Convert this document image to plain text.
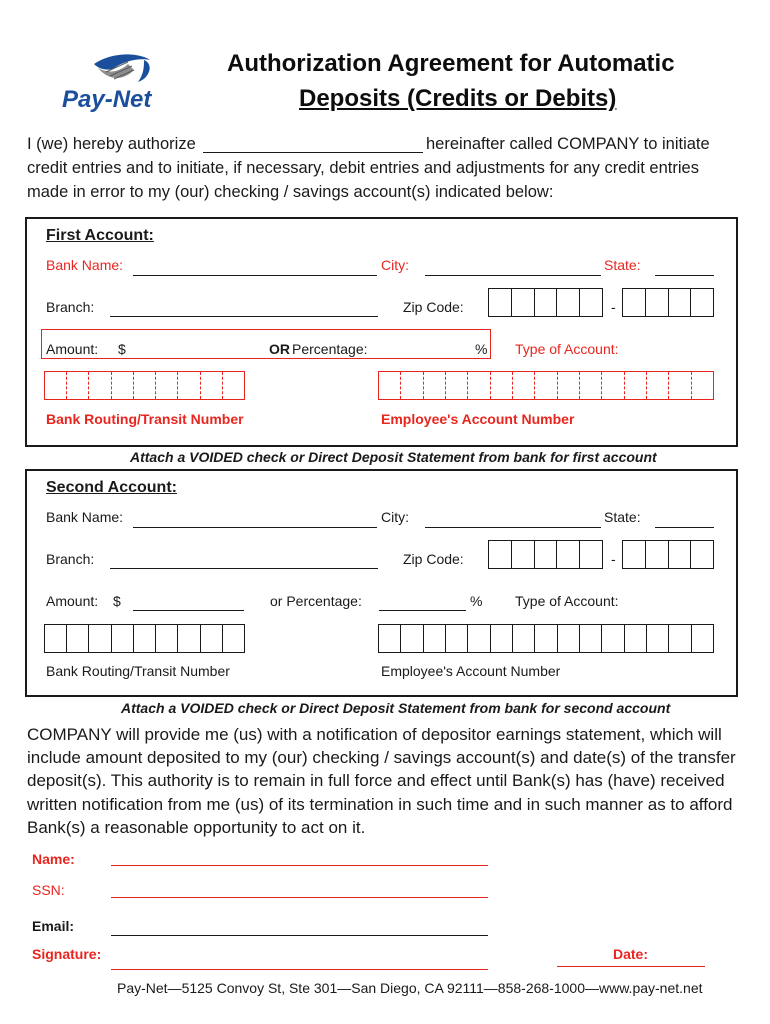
Pay-Net
Authorization Agreement for Automatic
Deposits (Credits or Debits)
I (we) hereby authorize	hereinafter called COMPANY to initiate
credit entries and to initiate, if necessary, debit entries and adjustments for any credit entries
made in error to my (our) checking / savings account(s) indicated below:
First Account:
Bank Name:	City:	State:
Branch:	Zip Code:	-
Amount: $	OR Percentage:	% Type of Account:
Bank Routing/Transit Number	Employee's Account Number
Attach a VOIDED check or Direct Deposit Statement from bank for first account
Second Account:
Bank Name:	City:	State:
Branch:	Zip Code:	-
Amount: $	or Percentage:	% Type of Account:
Bank Routing/Transit Number	Employee's Account Number
Attach a VOIDED check or Direct Deposit Statement from bank for second account
COMPANY will provide me (us) with a notification of depositor earnings statement, which will
include amount deposited to my (our) checking / savings account(s) and date(s) of the transfer
deposit(s). This authority is to remain in full force and effect until Bank(s) has (have) received
written notification from me (us) of its termination in such time and in such manner as to afford
Bank(s) a reasonable opportunity to act on it.
Name:
SSN:
Email:
Signature:	Date:
Pay-Net—5125 Convoy St, Ste 301—San Diego, CA 92111—858-268-1000—www.pay-net.net
